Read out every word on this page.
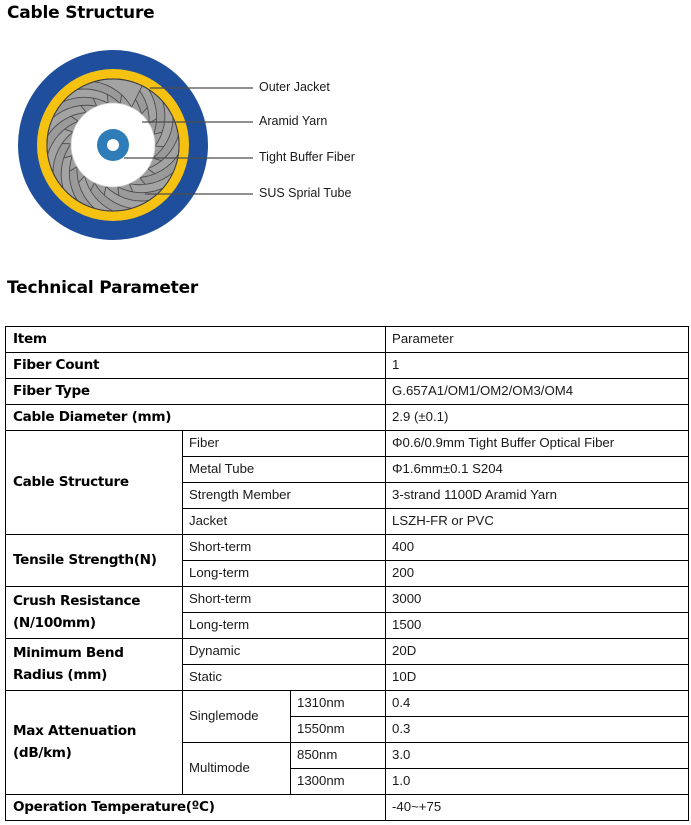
Cable Structure
Technical Parameter
Outer Jacket
Aramid Yarn
Tight Buffer Fiber
SUS Sprial Tube
Item			Parameter
Fiber Count			1
Fiber Type			G.657A1/OM1/OM2/OM3/OM4
Cable Diameter (mm)			2.9 (±0.1)
Cable Structure	Fiber		Φ0.6/0.9mm Tight Buffer Optical Fiber
	Metal Tube		Φ1.6mm±0.1 S204
	Strength Member		3-strand 1100D Aramid Yarn
	Jacket		LSZH-FR or PVC
Tensile Strength(N)	Short-term		400
	Long-term		200

Crush Resistance
(N/100mm)	Short-term		3000
	Long-term		1500

Minimum Bend
Radius (mm)	Dynamic		20D
	Static		10D

Max Attenuation
(dB/km)	Singlemode	1310nm	0.4
		1550nm	0.3
	Multimode	850nm	3.0
		1300nm	1.0
Operation Temperature(ºC)			-40~+75
